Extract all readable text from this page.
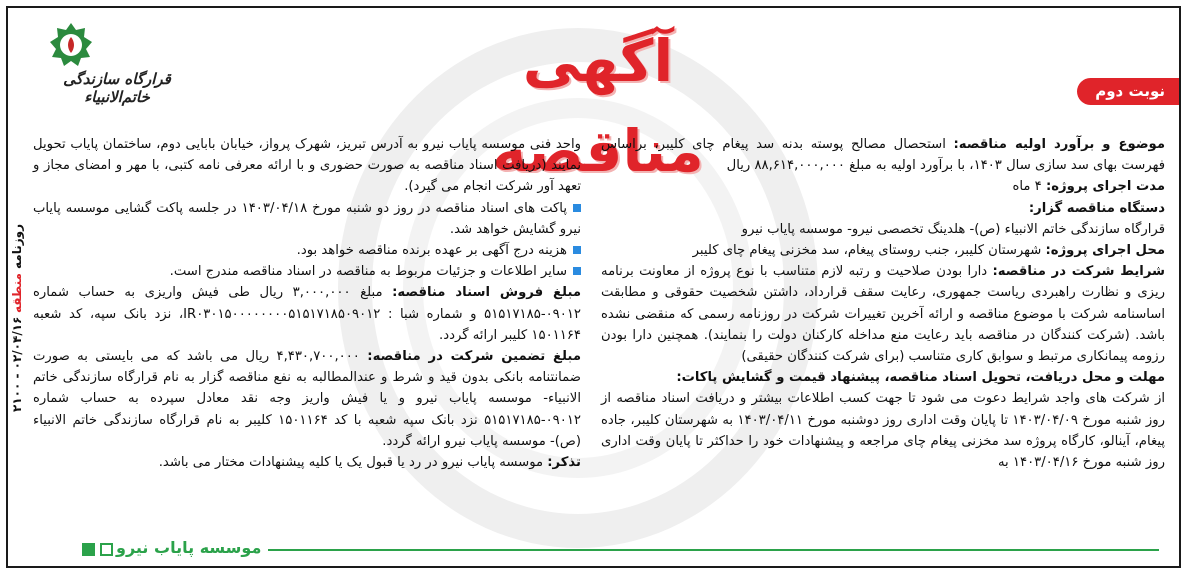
قرارگاه سازندگی خاتم‌الانبیاء
آگهی مناقصه
نوبت دوم
روزنامه

منطقه

۰۲/۰۴/۱۶ - ۲۱۰۰

موضوع و برآورد اولیه مناقصه: استحصال مصالح پوسته بدنه سد پیغام چای کلیبر، براساس فهرست بهای سد سازی سال ۱۴۰۳، با برآورد اولیه به مبلغ ۸۸,۶۱۴,۰۰۰,۰۰۰ ریال

مدت اجرای پروژه: ۴ ماه

دستگاه مناقصه گزار:

قرارگاه سازندگی خاتم الانبیاء (ص)- هلدینگ تخصصی نیرو- موسسه پایاب نیرو

محل اجرای پروژه: شهرستان کلیبر، جنب روستای پیغام، سد مخزنی پیغام چای کلیبر

شرایط شرکت در مناقصه: دارا بودن صلاحیت و رتبه لازم متناسب با نوع پروژه از معاونت برنامه ریزی و نظارت راهبردی ریاست جمهوری، رعایت سقف قرارداد، داشتن شخصیت حقوقی و مطابقت اساسنامه شرکت با موضوع مناقصه و ارائه آخرین تغییرات شرکت در روزنامه رسمی که منقضی نشده باشد. (شرکت کنندگان در مناقصه باید رعایت منع مداخله کارکنان دولت را بنمایند). همچنین دارا بودن رزومه پیمانکاری مرتبط و سوابق کاری متناسب (برای شرکت کنندگان حقیقی)

مهلت و محل دریافت، تحویل اسناد مناقصه، پیشنهاد قیمت و گشایش پاکات:

از شرکت های واجد شرایط دعوت می شود تا جهت کسب اطلاعات بیشتر و دریافت اسناد مناقصه از روز شنبه مورخ ۱۴۰۳/۰۴/۰۹ تا پایان وقت اداری روز دوشنبه مورخ ۱۴۰۳/۰۴/۱۱ به شهرستان کلیبر، جاده پیغام، آینالو، کارگاه پروژه سد مخزنی پیغام چای مراجعه و پیشنهادات خود را حداکثر تا پایان وقت اداری روز شنبه مورخ ۱۴۰۳/۰۴/۱۶ به

واحد فنی موسسه پایاب نیرو به آدرس تبریز، شهرک پرواز، خیابان بابایی دوم، ساختمان پایاب تحویل نمایند (دریافت اسناد مناقصه به صورت حضوری و با ارائه معرفی نامه کتبی، با مهر و امضای مجاز و تعهد آور شرکت انجام می گیرد).

پاکت های اسناد مناقصه در روز دو شنبه مورخ ۱۴۰۳/۰۴/۱۸ در جلسه پاکت گشایی موسسه پایاب نیرو گشایش خواهد شد.

هزینه درج آگهی بر عهده برنده مناقصه خواهد بود.

سایر اطلاعات و جزئیات مربوط به مناقصه در اسناد مناقصه مندرج است.

مبلغ فروش اسناد مناقصه: مبلغ ۳,۰۰۰,۰۰۰ ریال طی فیش واریزی به حساب شماره ۰۹۰۱۲-۵۱۵۱۷۱۸۵ و شماره شبا : IR۰۳۰۱۵۰۰۰۰۰۰۰۰۵۱۵۱۷۱۸۵۰۹۰۱۲، نزد بانک سپه، کد شعبه ۱۵۰۱۱۶۴ کلیبر ارائه گردد.

مبلغ تضمین شرکت در مناقصه: ۴,۴۳۰,۷۰۰,۰۰۰ ریال می باشد که می بایستی به صورت ضمانتنامه بانکی بدون قید و شرط و عندالمطالبه به نفع مناقصه گزار به نام قرارگاه سازندگی خاتم الانبیاء- موسسه پایاب نیرو و یا فیش واریز وجه نقد معادل سپرده به حساب شماره ۰۹۰۱۲-۵۱۵۱۷۱۸۵ نزد بانک سپه شعبه با کد ۱۵۰۱۱۶۴ کلیبر به نام قرارگاه سازندگی خاتم الانبیاء (ص)- موسسه پایاب نیرو ارائه گردد.

تذکر: موسسه پایاب نیرو در رد یا قبول یک یا کلیه پیشنهادات مختار می باشد.

موسسه پایاب نیرو
